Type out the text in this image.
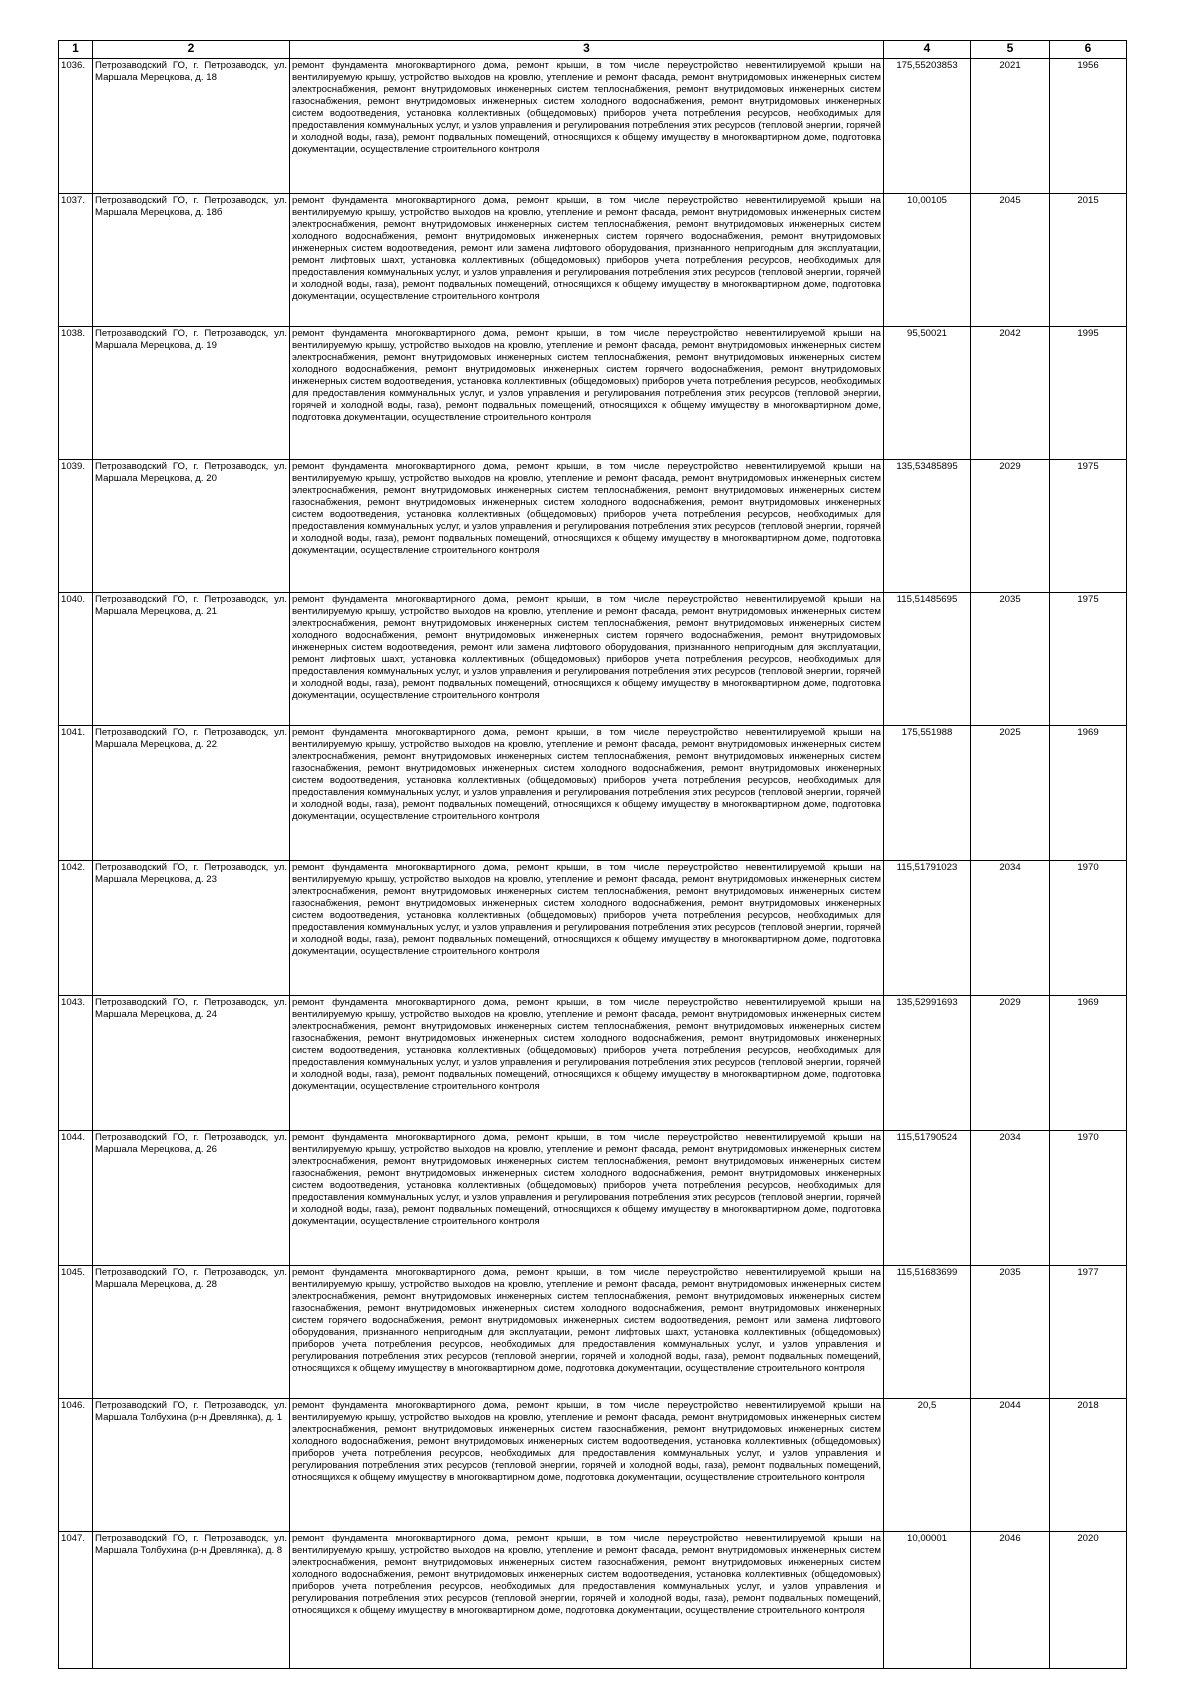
1	2	3	4	5	6
1036.	Петрозаводский ГО, г. Петрозаводск, ул. Маршала Мерецкова, д. 18	ремонт фундамента многоквартирного дома, ремонт крыши, в том числе переустройство невентилируемой крыши на вентилируемую крышу, устройство выходов на кровлю, утепление и ремонт фасада, ремонт внутридомовых инженерных систем электроснабжения, ремонт внутридомовых инженерных систем теплоснабжения, ремонт внутридомовых инженерных систем газоснабжения, ремонт внутридомовых инженерных систем холодного водоснабжения, ремонт внутридомовых инженерных систем водоотведения, установка коллективных (общедомовых) приборов учета потребления ресурсов, необходимых для предоставления коммунальных услуг, и узлов управления и регулирования потребления этих ресурсов (тепловой энергии, горячей и холодной воды, газа), ремонт подвальных помещений, относящихся к общему имуществу в многоквартирном доме, подготовка документации, осуществление строительного контроля	175,55203853	2021	1956
1037.	Петрозаводский ГО, г. Петрозаводск, ул. Маршала Мерецкова, д. 18б	ремонт фундамента многоквартирного дома, ремонт крыши, в том числе переустройство невентилируемой крыши на вентилируемую крышу, устройство выходов на кровлю, утепление и ремонт фасада, ремонт внутридомовых инженерных систем электроснабжения, ремонт внутридомовых инженерных систем теплоснабжения, ремонт внутридомовых инженерных систем холодного водоснабжения, ремонт внутридомовых инженерных систем горячего водоснабжения, ремонт внутридомовых инженерных систем водоотведения, ремонт или замена лифтового оборудования, признанного непригодным для эксплуатации, ремонт лифтовых шахт, установка коллективных (общедомовых) приборов учета потребления ресурсов, необходимых для предоставления коммунальных услуг, и узлов управления и регулирования потребления этих ресурсов (тепловой энергии, горячей и холодной воды, газа), ремонт подвальных помещений, относящихся к общему имуществу в многоквартирном доме, подготовка документации, осуществление строительного контроля	10,00105	2045	2015
1038.	Петрозаводский ГО, г. Петрозаводск, ул. Маршала Мерецкова, д. 19	ремонт фундамента многоквартирного дома, ремонт крыши, в том числе переустройство невентилируемой крыши на вентилируемую крышу, устройство выходов на кровлю, утепление и ремонт фасада, ремонт внутридомовых инженерных систем электроснабжения, ремонт внутридомовых инженерных систем теплоснабжения, ремонт внутридомовых инженерных систем холодного водоснабжения, ремонт внутридомовых инженерных систем горячего водоснабжения, ремонт внутридомовых инженерных систем водоотведения, установка коллективных (общедомовых) приборов учета потребления ресурсов, необходимых для предоставления коммунальных услуг, и узлов управления и регулирования потребления этих ресурсов (тепловой энергии, горячей и холодной воды, газа), ремонт подвальных помещений, относящихся к общему имуществу в многоквартирном доме, подготовка документации, осуществление строительного контроля	95,50021	2042	1995
1039.	Петрозаводский ГО, г. Петрозаводск, ул. Маршала Мерецкова, д. 20	ремонт фундамента многоквартирного дома, ремонт крыши, в том числе переустройство невентилируемой крыши на вентилируемую крышу, устройство выходов на кровлю, утепление и ремонт фасада, ремонт внутридомовых инженерных систем электроснабжения, ремонт внутридомовых инженерных систем теплоснабжения, ремонт внутридомовых инженерных систем газоснабжения, ремонт внутридомовых инженерных систем холодного водоснабжения, ремонт внутридомовых инженерных систем водоотведения, установка коллективных (общедомовых) приборов учета потребления ресурсов, необходимых для предоставления коммунальных услуг, и узлов управления и регулирования потребления этих ресурсов (тепловой энергии, горячей и холодной воды, газа), ремонт подвальных помещений, относящихся к общему имуществу в многоквартирном доме, подготовка документации, осуществление строительного контроля	135,53485895	2029	1975
1040.	Петрозаводский ГО, г. Петрозаводск, ул. Маршала Мерецкова, д. 21	ремонт фундамента многоквартирного дома, ремонт крыши, в том числе переустройство невентилируемой крыши на вентилируемую крышу, устройство выходов на кровлю, утепление и ремонт фасада, ремонт внутридомовых инженерных систем электроснабжения, ремонт внутридомовых инженерных систем теплоснабжения, ремонт внутридомовых инженерных систем холодного водоснабжения, ремонт внутридомовых инженерных систем горячего водоснабжения, ремонт внутридомовых инженерных систем водоотведения, ремонт или замена лифтового оборудования, признанного непригодным для эксплуатации, ремонт лифтовых шахт, установка коллективных (общедомовых) приборов учета потребления ресурсов, необходимых для предоставления коммунальных услуг, и узлов управления и регулирования потребления этих ресурсов (тепловой энергии, горячей и холодной воды, газа), ремонт подвальных помещений, относящихся к общему имуществу в многоквартирном доме, подготовка документации, осуществление строительного контроля	115,51485695	2035	1975
1041.	Петрозаводский ГО, г. Петрозаводск, ул. Маршала Мерецкова, д. 22	ремонт фундамента многоквартирного дома, ремонт крыши, в том числе переустройство невентилируемой крыши на вентилируемую крышу, устройство выходов на кровлю, утепление и ремонт фасада, ремонт внутридомовых инженерных систем электроснабжения, ремонт внутридомовых инженерных систем теплоснабжения, ремонт внутридомовых инженерных систем газоснабжения, ремонт внутридомовых инженерных систем холодного водоснабжения, ремонт внутридомовых инженерных систем водоотведения, установка коллективных (общедомовых) приборов учета потребления ресурсов, необходимых для предоставления коммунальных услуг, и узлов управления и регулирования потребления этих ресурсов (тепловой энергии, горячей и холодной воды, газа), ремонт подвальных помещений, относящихся к общему имуществу в многоквартирном доме, подготовка документации, осуществление строительного контроля	175,551988	2025	1969
1042.	Петрозаводский ГО, г. Петрозаводск, ул. Маршала Мерецкова, д. 23	ремонт фундамента многоквартирного дома, ремонт крыши, в том числе переустройство невентилируемой крыши на вентилируемую крышу, устройство выходов на кровлю, утепление и ремонт фасада, ремонт внутридомовых инженерных систем электроснабжения, ремонт внутридомовых инженерных систем теплоснабжения, ремонт внутридомовых инженерных систем газоснабжения, ремонт внутридомовых инженерных систем холодного водоснабжения, ремонт внутридомовых инженерных систем водоотведения, установка коллективных (общедомовых) приборов учета потребления ресурсов, необходимых для предоставления коммунальных услуг, и узлов управления и регулирования потребления этих ресурсов (тепловой энергии, горячей и холодной воды, газа), ремонт подвальных помещений, относящихся к общему имуществу в многоквартирном доме, подготовка документации, осуществление строительного контроля	115,51791023	2034	1970
1043.	Петрозаводский ГО, г. Петрозаводск, ул. Маршала Мерецкова, д. 24	ремонт фундамента многоквартирного дома, ремонт крыши, в том числе переустройство невентилируемой крыши на вентилируемую крышу, устройство выходов на кровлю, утепление и ремонт фасада, ремонт внутридомовых инженерных систем электроснабжения, ремонт внутридомовых инженерных систем теплоснабжения, ремонт внутридомовых инженерных систем газоснабжения, ремонт внутридомовых инженерных систем холодного водоснабжения, ремонт внутридомовых инженерных систем водоотведения, установка коллективных (общедомовых) приборов учета потребления ресурсов, необходимых для предоставления коммунальных услуг, и узлов управления и регулирования потребления этих ресурсов (тепловой энергии, горячей и холодной воды, газа), ремонт подвальных помещений, относящихся к общему имуществу в многоквартирном доме, подготовка документации, осуществление строительного контроля	135,52991693	2029	1969
1044.	Петрозаводский ГО, г. Петрозаводск, ул. Маршала Мерецкова, д. 26	ремонт фундамента многоквартирного дома, ремонт крыши, в том числе переустройство невентилируемой крыши на вентилируемую крышу, устройство выходов на кровлю, утепление и ремонт фасада, ремонт внутридомовых инженерных систем электроснабжения, ремонт внутридомовых инженерных систем теплоснабжения, ремонт внутридомовых инженерных систем газоснабжения, ремонт внутридомовых инженерных систем холодного водоснабжения, ремонт внутридомовых инженерных систем водоотведения, установка коллективных (общедомовых) приборов учета потребления ресурсов, необходимых для предоставления коммунальных услуг, и узлов управления и регулирования потребления этих ресурсов (тепловой энергии, горячей и холодной воды, газа), ремонт подвальных помещений, относящихся к общему имуществу в многоквартирном доме, подготовка документации, осуществление строительного контроля	115,51790524	2034	1970
1045.	Петрозаводский ГО, г. Петрозаводск, ул. Маршала Мерецкова, д. 28	ремонт фундамента многоквартирного дома, ремонт крыши, в том числе переустройство невентилируемой крыши на вентилируемую крышу, устройство выходов на кровлю, утепление и ремонт фасада, ремонт внутридомовых инженерных систем электроснабжения, ремонт внутридомовых инженерных систем теплоснабжения, ремонт внутридомовых инженерных систем газоснабжения, ремонт внутридомовых инженерных систем холодного водоснабжения, ремонт внутридомовых инженерных систем горячего водоснабжения, ремонт внутридомовых инженерных систем водоотведения, ремонт или замена лифтового оборудования, признанного непригодным для эксплуатации, ремонт лифтовых шахт, установка коллективных (общедомовых) приборов учета потребления ресурсов, необходимых для предоставления коммунальных услуг, и узлов управления и регулирования потребления этих ресурсов (тепловой энергии, горячей и холодной воды, газа), ремонт подвальных помещений, относящихся к общему имуществу в многоквартирном доме, подготовка документации, осуществление строительного контроля	115,51683699	2035	1977
1046.	Петрозаводский ГО, г. Петрозаводск, ул. Маршала Толбухина (р-н Древлянка), д. 1	ремонт фундамента многоквартирного дома, ремонт крыши, в том числе переустройство невентилируемой крыши на вентилируемую крышу, устройство выходов на кровлю, утепление и ремонт фасада, ремонт внутридомовых инженерных систем электроснабжения, ремонт внутридомовых инженерных систем газоснабжения, ремонт внутридомовых инженерных систем холодного водоснабжения, ремонт внутридомовых инженерных систем водоотведения, установка коллективных (общедомовых) приборов учета потребления ресурсов, необходимых для предоставления коммунальных услуг, и узлов управления и регулирования потребления этих ресурсов (тепловой энергии, горячей и холодной воды, газа), ремонт подвальных помещений, относящихся к общему имуществу в многоквартирном доме, подготовка документации, осуществление строительного контроля	20,5	2044	2018
1047.	Петрозаводский ГО, г. Петрозаводск, ул. Маршала Толбухина (р-н Древлянка), д. 8	ремонт фундамента многоквартирного дома, ремонт крыши, в том числе переустройство невентилируемой крыши на вентилируемую крышу, устройство выходов на кровлю, утепление и ремонт фасада, ремонт внутридомовых инженерных систем электроснабжения, ремонт внутридомовых инженерных систем газоснабжения, ремонт внутридомовых инженерных систем холодного водоснабжения, ремонт внутридомовых инженерных систем водоотведения, установка коллективных (общедомовых) приборов учета потребления ресурсов, необходимых для предоставления коммунальных услуг, и узлов управления и регулирования потребления этих ресурсов (тепловой энергии, горячей и холодной воды, газа), ремонт подвальных помещений, относящихся к общему имуществу в многоквартирном доме, подготовка документации, осуществление строительного контроля	10,00001	2046	2020
